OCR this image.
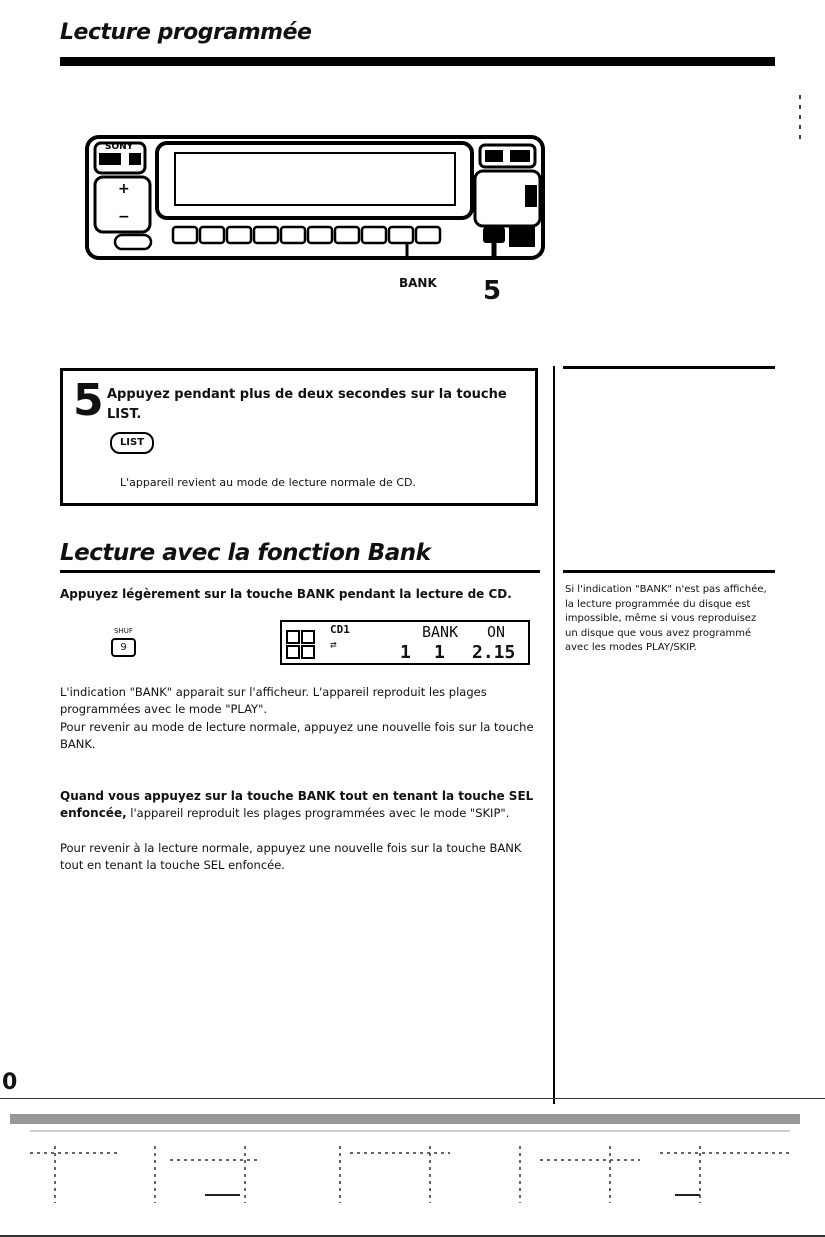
Lecture programmée
SONY
+
−
BANK 5
5 Appuyez pendant plus de deux secondes sur la touche LIST.
LIST
L'appareil revient au mode de lecture normale de CD.
Lecture avec la fonction Bank
Appuyez légèrement sur la touche BANK pendant la lecture de CD.
SHUF
9
CD1
⇄
BANK ON
1 1 2.15
L'indication "BANK" apparait sur l'afficheur. L'appareil reproduit les plages programmées avec le mode "PLAY".
Pour revenir au mode de lecture normale, appuyez une nouvelle fois sur la touche BANK.
Quand vous appuyez sur la touche BANK tout en tenant la touche SEL enfoncée, l'appareil reproduit les plages programmées avec le mode "SKIP".
Pour revenir à la lecture normale, appuyez une nouvelle fois sur la touche BANK tout en tenant la touche SEL enfoncée.
Si l'indication "BANK" n'est pas affichée, la lecture programmée du disque est impossible, même si vous reproduisez un disque que vous avez programmé avec les modes PLAY/SKIP.
0
